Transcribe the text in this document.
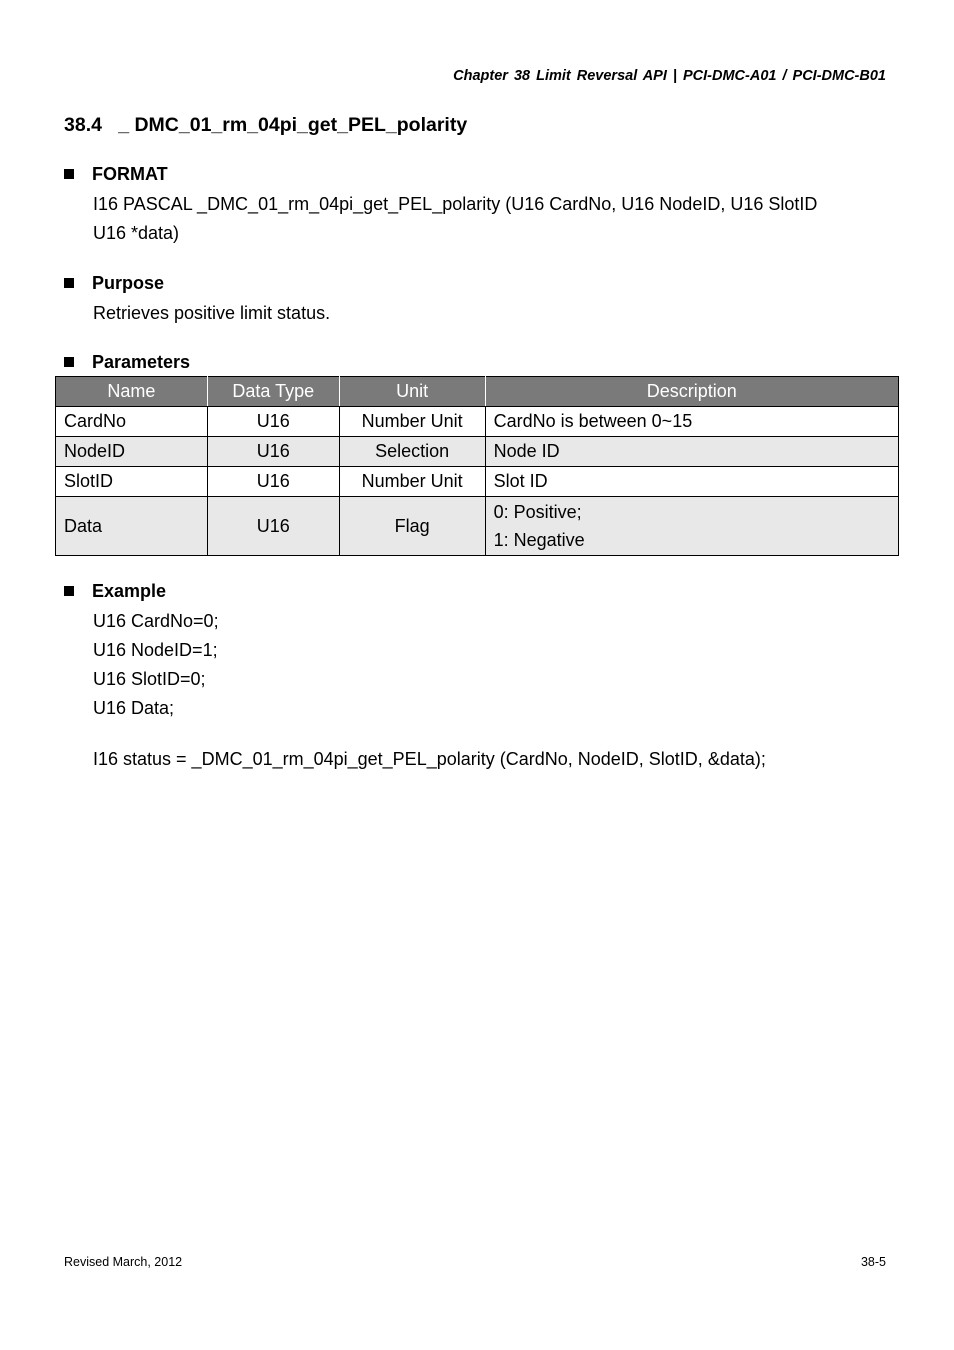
Chapter 38 Limit Reversal API | PCI-DMC-A01 / PCI-DMC-B01
38.4   _ DMC_01_rm_04pi_get_PEL_polarity
FORMAT
I16 PASCAL _DMC_01_rm_04pi_get_PEL_polarity (U16 CardNo, U16 NodeID, U16 SlotID
U16 *data)
Purpose
Retrieves positive limit status.
Parameters
Name	Data Type	Unit	Description
CardNo	U16	Number Unit	CardNo is between 0~15
NodeID	U16	Selection	Node ID
SlotID	U16	Number Unit	Slot ID
Data	U16	Flag	0: Positive;
1: Negative
Example
U16 CardNo=0;
U16 NodeID=1;
U16 SlotID=0;
U16 Data;
I16 status = _DMC_01_rm_04pi_get_PEL_polarity (CardNo, NodeID, SlotID, &data);
Revised March, 2012	38-5
